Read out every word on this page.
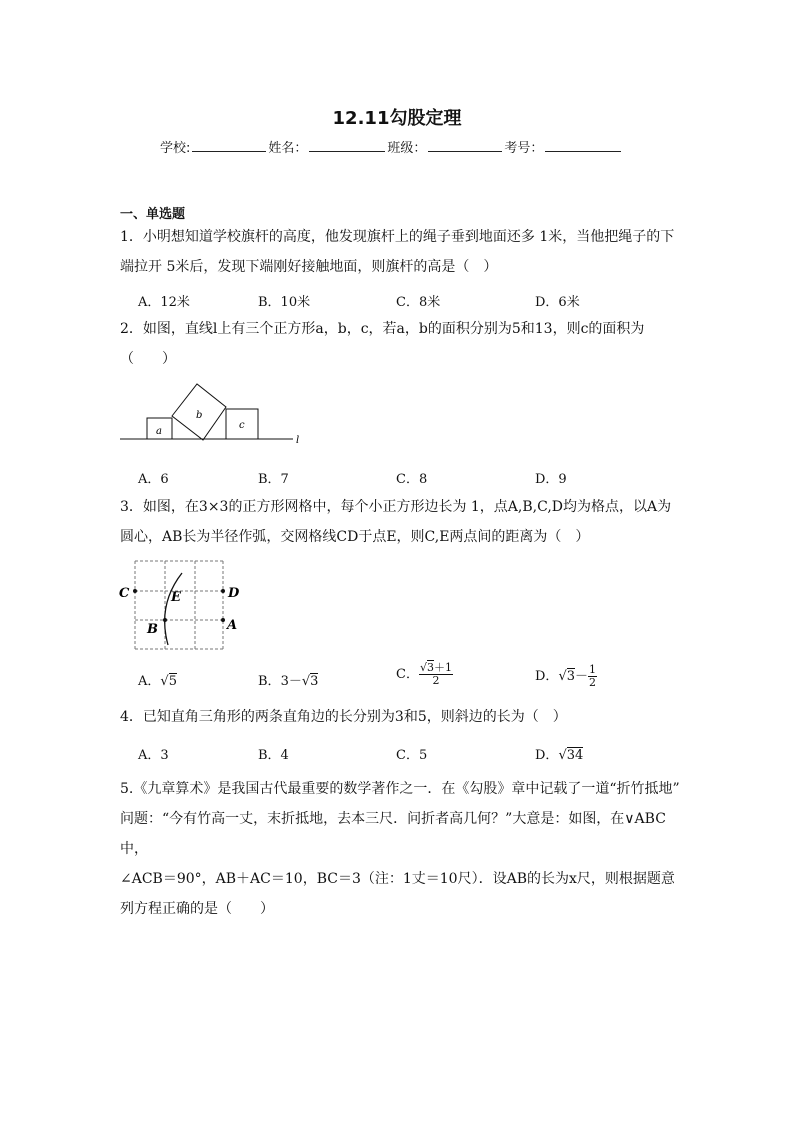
12.11勾股定理
学校:	姓名：	班级：	考号：
一、单选题

1．小明想知道学校旗杆的高度，他发现旗杆上的绳子垂到地面还多 1米，当他把绳子的下

端拉开 5米后，发现下端刚好接触地面，则旗杆的高是（　）

A．12米	B．10米	C．8米	D．6米

2．如图，直线l上有三个正方形a，b，c，若a，b的面积分别为5和13，则c的面积为

（　　）

a
b
c
l
A．6	B．7	C．8	D．9

3．如图，在3×3的正方形网格中，每个小正方形边长为 1，点A,B,C,D均为格点，以A为

圆心，AB长为半径作弧，交网格线CD于点E，则C,E两点间的距离为（　）

C	D
E
B	A
A．√5	B．3－√3	C． $\frac{√3+1}{2}$	D．$√3- \frac{1}{2}$

4．已知直角三角形的两条直角边的长分别为3和5，则斜边的长为（　）

A．3	B．4	C．5	D．√34

5.《九章算术》是我国古代最重要的数学著作之一．在《勾股》章中记载了一道“折竹抵地”

问题：“今有竹高一丈，末折抵地，去本三尺．问折者高几何？”大意是：如图，在∨ABC中，

∠ACB＝90°，AB＋AC＝10，BC＝3（注：1丈＝10尺）．设AB的长为x尺，则根据题意

列方程正确的是（　　）
